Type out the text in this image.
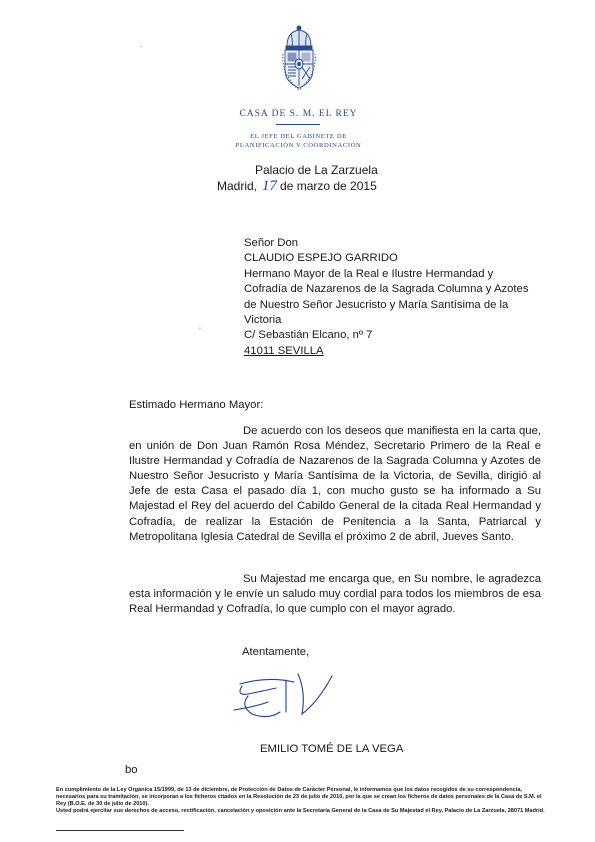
.
CASA DE S. M. EL REY
EL JEFE DEL GABINETE DE
PLANIFICACIÓN Y COORDINACIÓN
Palacio de La Zarzuela
Madrid, 17 de marzo de 2015
Señor Don
CLAUDIO ESPEJO GARRIDO
Hermano Mayor de la Real e Ilustre Hermandad y
Cofradía de Nazarenos de la Sagrada Columna y Azotes
de Nuestro Señor Jesucristo y María Santísima de la
Victoria
C/ Sebastián Elcano, nº 7
41011 SEVILLA
•
Estimado Hermano Mayor:
De acuerdo con los deseos que manifiesta en la carta que, en unión de Don Juan Ramón Rosa Méndez, Secretario Primero de la Real e Ilustre Hermandad y Cofradía de Nazarenos de la Sagrada Columna y Azotes de Nuestro Señor Jesucristo y María Santísima de la Victoria, de Sevilla, dirigió al Jefe de esta Casa el pasado día 1, con mucho gusto se ha informado a Su Majestad el Rey del acuerdo del Cabildo General de la citada Real Hermandad y Cofradía, de realizar la Estación de Penitencia a la Santa, Patriarcal y Metropolitana Iglesia Catedral de Sevilla el próximo 2 de abril, Jueves Santo.
Su Majestad me encarga que, en Su nombre, le agradezca esta información y le envíe un saludo muy cordial para todos los miembros de esa Real Hermandad y Cofradía, lo que cumplo con el mayor agrado.
Atentamente,
EMILIO TOMÉ DE LA VEGA
bo
En cumplimiento de la Ley Orgánica 15/1999, de 13 de diciembre, de Protección de Datos de Carácter Personal, le informamos que los datos recogidos de su correspondencia, necesarios para su tramitación, se incorporan a los ficheros citados en la Resolución de 23 de julio de 2010, por la que se crean los ficheros de datos personales de la Casa de S.M. el Rey (B.O.E. de 30 de julio de 2010).
Usted podrá ejercitar sus derechos de acceso, rectificación, cancelación y oposición ante la Secretaría General de la Casa de Su Majestad el Rey, Palacio de La Zarzuela, 28071 Madrid.
